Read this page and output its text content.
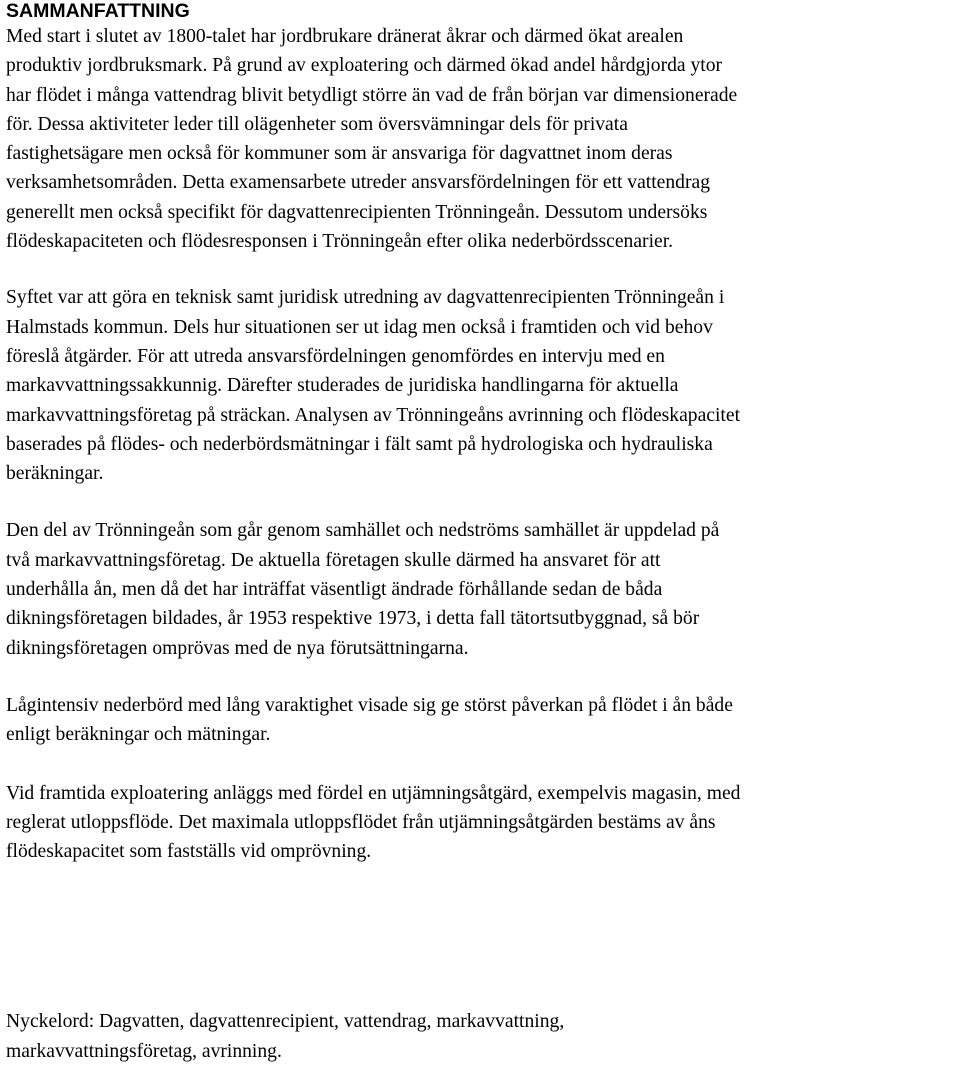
SAMMANFATTNING

Med start i slutet av 1800-talet har jordbrukare dränerat åkrar och därmed ökat arealen
produktiv jordbruksmark. På grund av exploatering och därmed ökad andel hårdgjorda ytor
har flödet i många vattendrag blivit betydligt större än vad de från början var dimensionerade
för. Dessa aktiviteter leder till olägenheter som översvämningar dels för privata
fastighetsägare men också för kommuner som är ansvariga för dagvattnet inom deras
verksamhetsområden. Detta examensarbete utreder ansvarsfördelningen för ett vattendrag
generellt men också specifikt för dagvattenrecipienten Trönningeån. Dessutom undersöks
flödeskapaciteten och flödesresponsen i Trönningeån efter olika nederbördsscenarier.

Syftet var att göra en teknisk samt juridisk utredning av dagvattenrecipienten Trönningeån i
Halmstads kommun. Dels hur situationen ser ut idag men också i framtiden och vid behov
föreslå åtgärder. För att utreda ansvarsfördelningen genomfördes en intervju med en
markavvattningssakkunnig. Därefter studerades de juridiska handlingarna för aktuella
markavvattningsföretag på sträckan. Analysen av Trönningeåns avrinning och flödeskapacitet
baserades på flödes- och nederbördsmätningar i fält samt på hydrologiska och hydrauliska
beräkningar.

Den del av Trönningeån som går genom samhället och nedströms samhället är uppdelad på
två markavvattningsföretag. De aktuella företagen skulle därmed ha ansvaret för att
underhålla ån, men då det har inträffat väsentligt ändrade förhållande sedan de båda
dikningsföretagen bildades, år 1953 respektive 1973, i detta fall tätortsutbyggnad, så bör
dikningsföretagen omprövas med de nya förutsättningarna.

Lågintensiv nederbörd med lång varaktighet visade sig ge störst påverkan på flödet i ån både
enligt beräkningar och mätningar.

Vid framtida exploatering anläggs med fördel en utjämningsåtgärd, exempelvis magasin, med
reglerat utloppsflöde. Det maximala utloppsflödet från utjämningsåtgärden bestäms av åns
flödeskapacitet som fastställs vid omprövning.

Nyckelord: Dagvatten, dagvattenrecipient, vattendrag, markavvattning,
markavvattningsföretag, avrinning.
